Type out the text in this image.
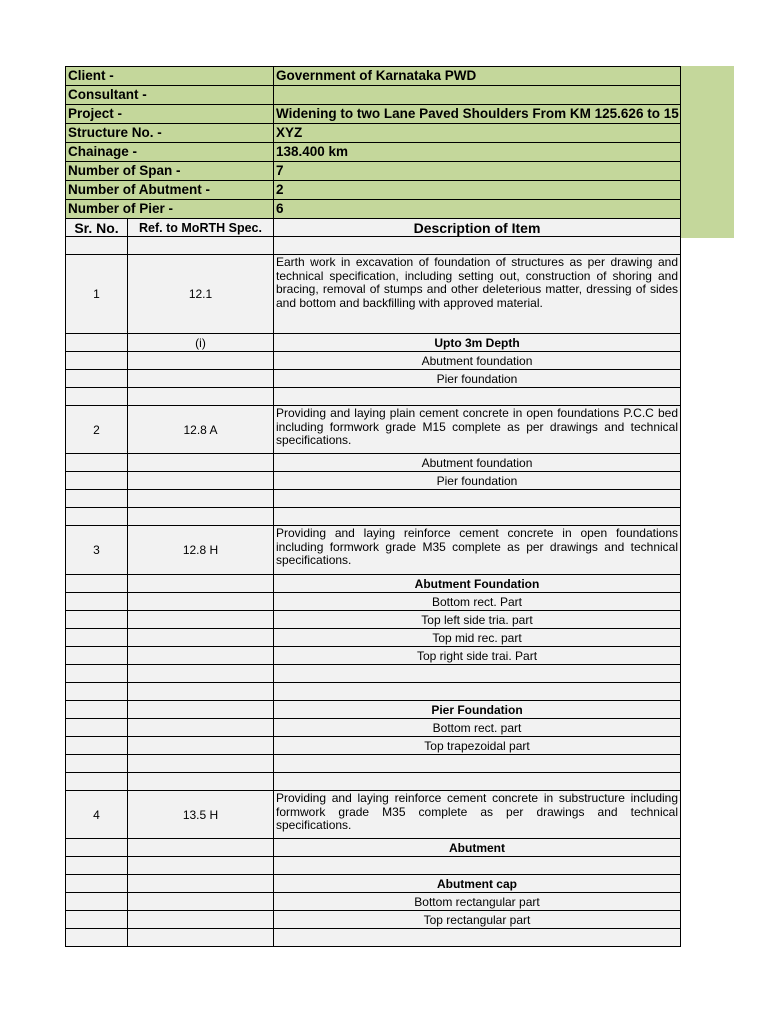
Client -		Government of Karnataka PWD
Consultant -		
Project -		Widening to two Lane Paved Shoulders From KM 125.626 to 15
Structure No. -		XYZ
Chainage -		138.400 km
Number of Span -		7
Number of Abutment -		2
Number of Pier -		6
Sr. No.	Ref. to MoRTH Spec.	Description of Item

1	12.1	Earth work in excavation of foundation of structures as per drawing and technical specification, including setting out, construction of shoring and bracing, removal of stumps and other deleterious matter, dressing of sides and bottom and backfilling with approved material.
	(i)	Upto 3m Depth
		Abutment foundation
		Pier foundation

2	12.8 A	Providing and laying plain cement concrete in open foundations P.C.C bed including formwork grade M15 complete as per drawings and technical specifications.
		Abutment foundation
		Pier foundation

3	12.8 H	Providing and laying reinforce cement concrete in open foundations including formwork grade M35 complete as per drawings and technical specifications.
		Abutment Foundation
		Bottom rect. Part
		Top left side tria. part
		Top mid rec. part
		Top right side trai. Part

		Pier Foundation
		Bottom rect. part
		Top trapezoidal part

4	13.5 H	Providing and laying reinforce cement concrete in substructure including formwork grade M35 complete as per drawings and technical specifications.
		Abutment

		Abutment cap
		Bottom rectangular part
		Top rectangular part
